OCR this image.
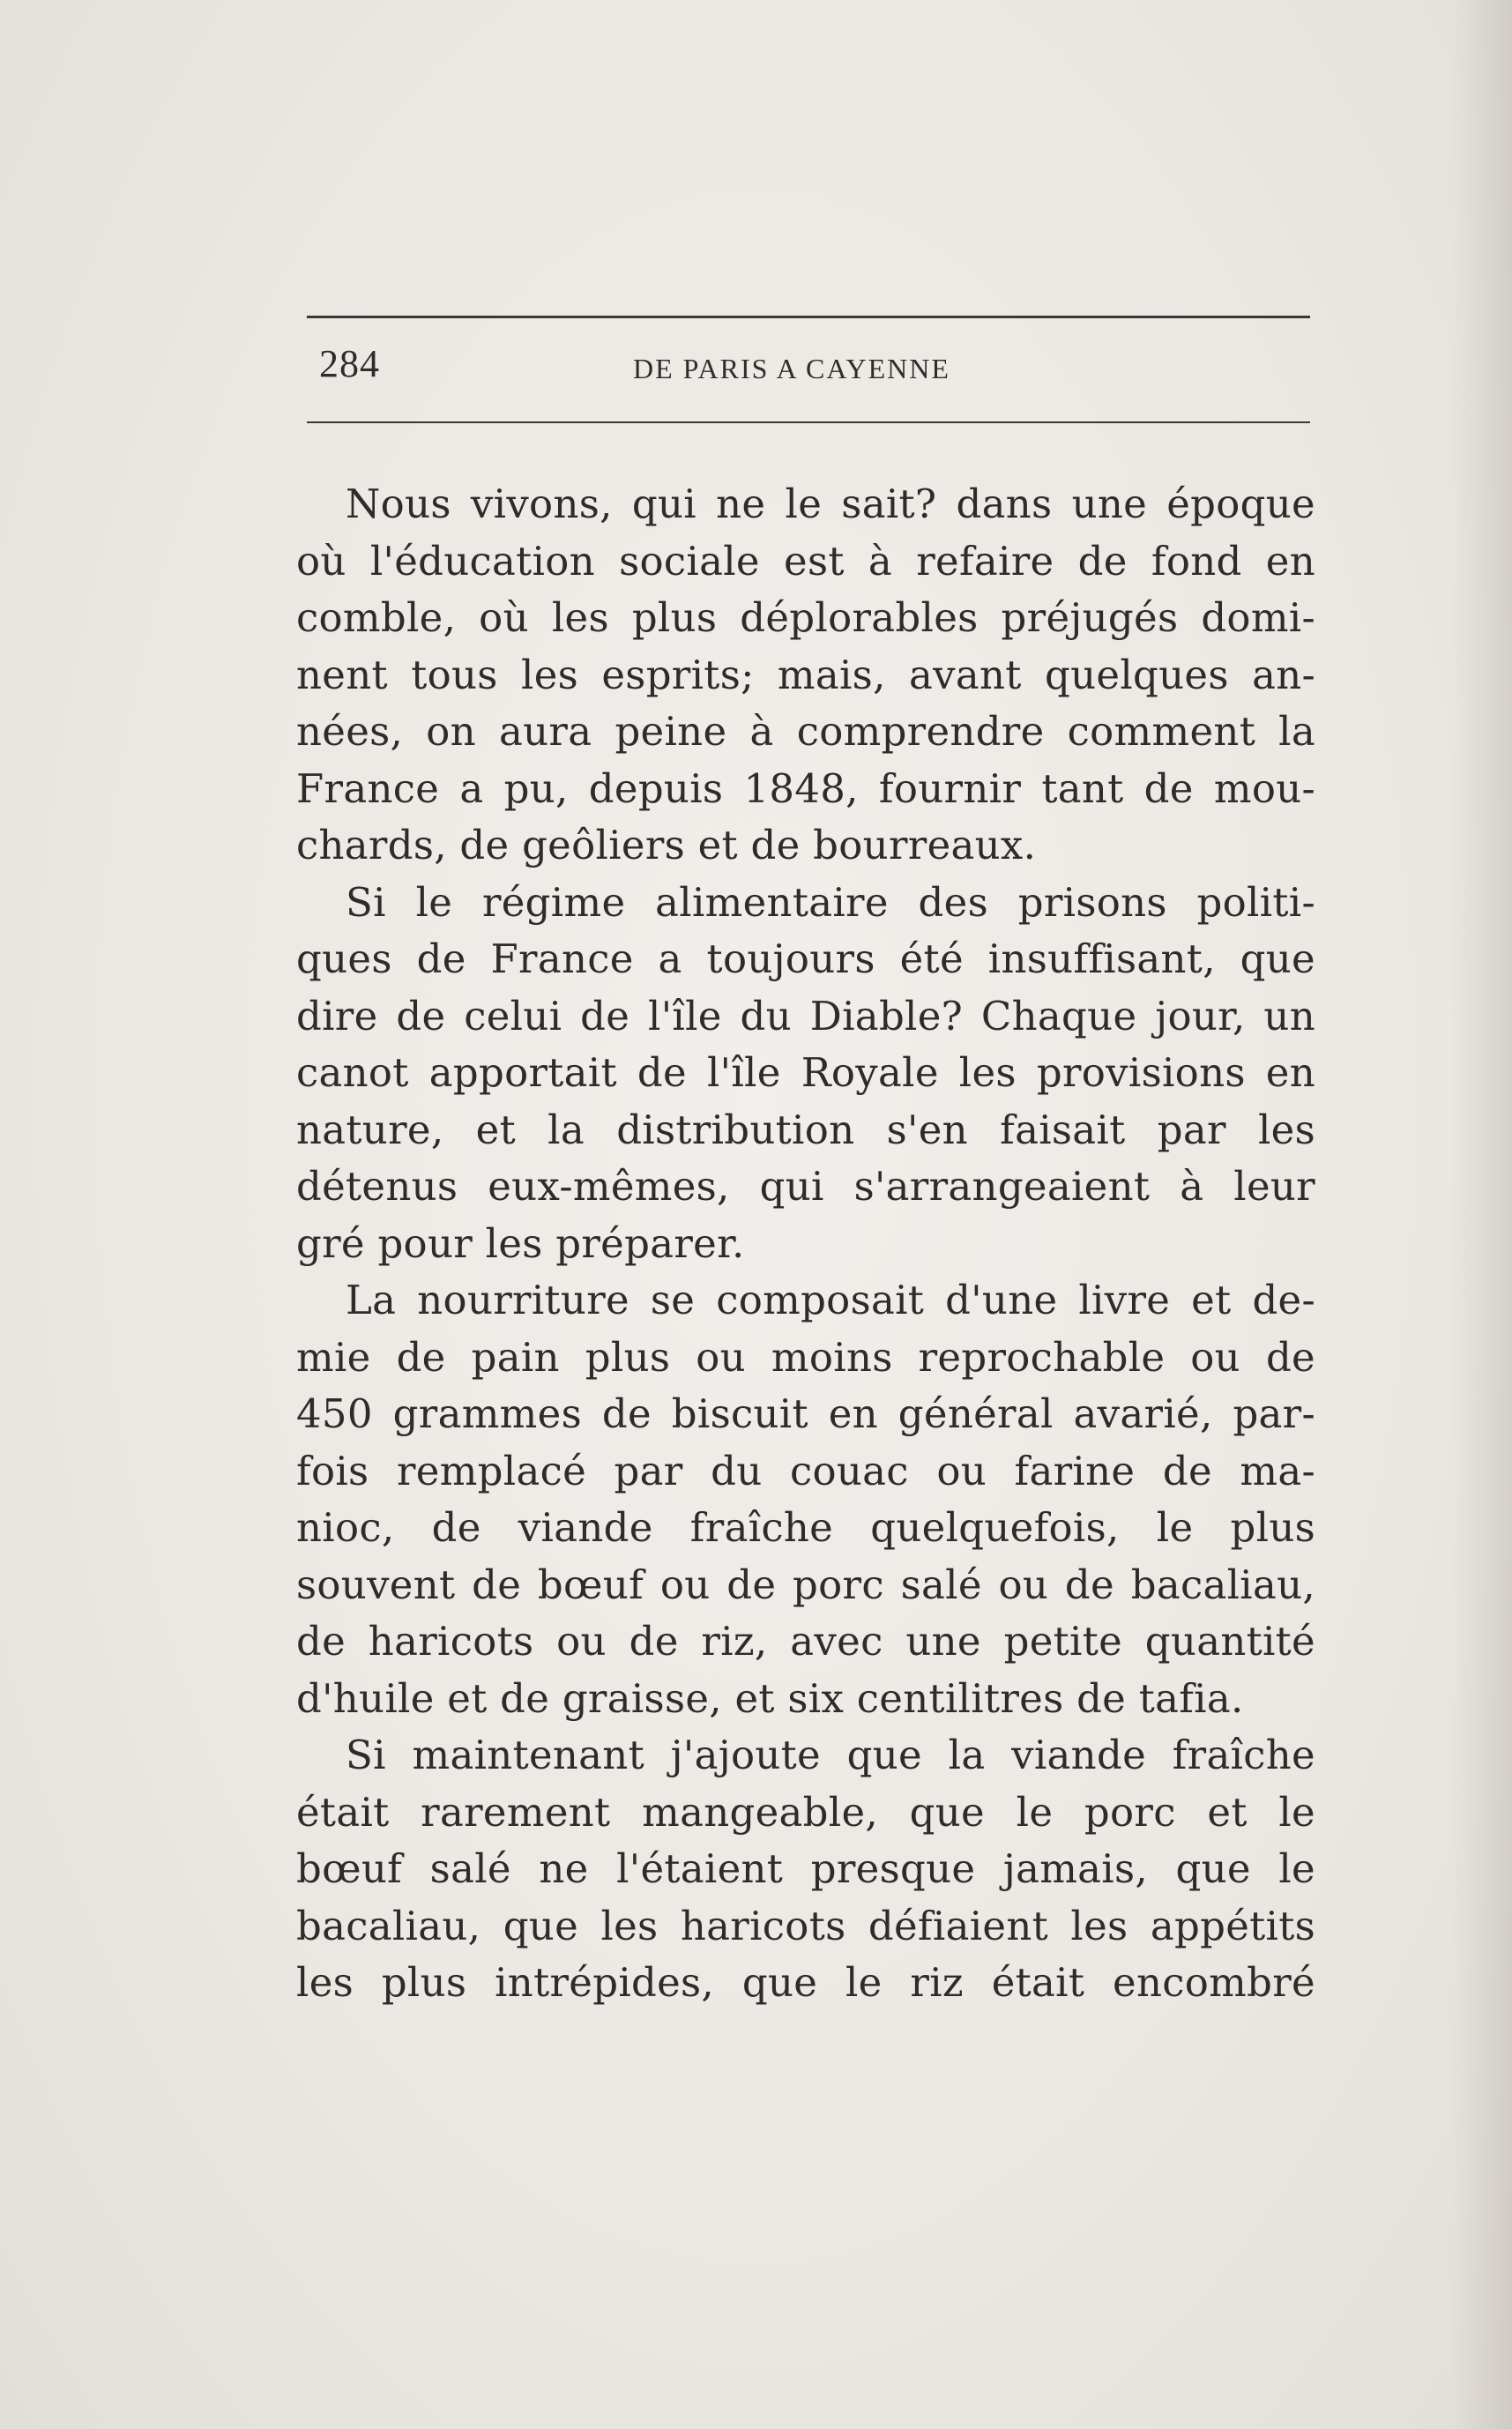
284	DE PARIS A CAYENNE
Nous vivons, qui ne le sait? dans une époque
où l'éducation sociale est à refaire de fond en
comble, où les plus déplorables préjugés domi-
nent tous les esprits; mais, avant quelques an-
nées, on aura peine à comprendre comment la
France a pu, depuis 1848, fournir tant de mou-
chards, de geôliers et de bourreaux.
Si le régime alimentaire des prisons politi-
ques de France a toujours été insuffisant, que
dire de celui de l'île du Diable? Chaque jour, un
canot apportait de l'île Royale les provisions en
nature, et la distribution s'en faisait par les
détenus eux-mêmes, qui s'arrangeaient à leur
gré pour les préparer.
La nourriture se composait d'une livre et de-
mie de pain plus ou moins reprochable ou de
450 grammes de biscuit en général avarié, par-
fois remplacé par du couac ou farine de ma-
nioc, de viande fraîche quelquefois, le plus
souvent de bœuf ou de porc salé ou de bacaliau,
de haricots ou de riz, avec une petite quantité
d'huile et de graisse, et six centilitres de tafia.
Si maintenant j'ajoute que la viande fraîche
était rarement mangeable, que le porc et le
bœuf salé ne l'étaient presque jamais, que le
bacaliau, que les haricots défiaient les appétits
les plus intrépides, que le riz était encombré
